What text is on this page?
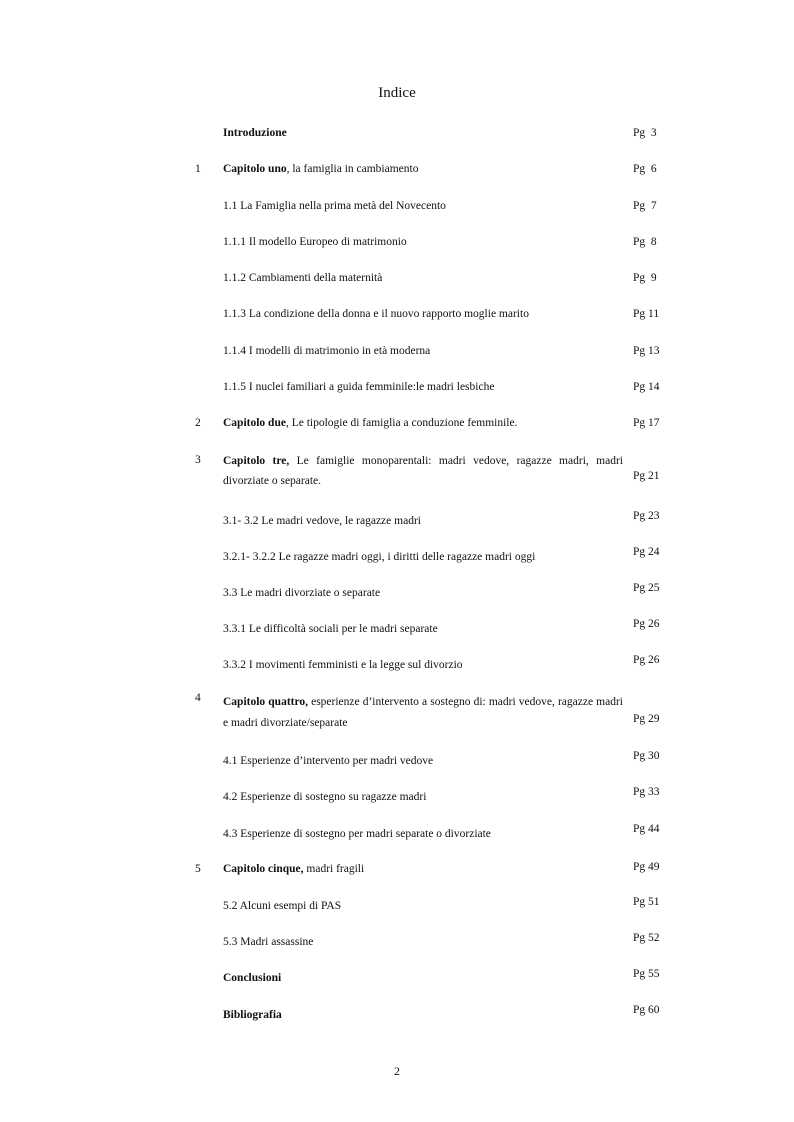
Indice
Introduzione	Pg  3
1 Capitolo uno, la famiglia in cambiamento	Pg  6
1.1 La Famiglia nella prima metà del Novecento	Pg  7
1.1.1 Il modello Europeo di matrimonio	Pg  8
1.1.2 Cambiamenti della maternità	Pg  9
1.1.3 La condizione della donna e il nuovo rapporto moglie marito	Pg 11
1.1.4 I modelli di matrimonio in età moderna	Pg 13
1.1.5 I nuclei familiari a guida femminile:le madri lesbiche	Pg 14
2 Capitolo due, Le tipologie di famiglia a conduzione femminile.	Pg 17
3 Capitolo tre, Le famiglie monoparentali: madri vedove, ragazze madri, madri divorziate o separate.	Pg 21
3.1- 3.2 Le madri vedove, le ragazze madri	Pg 23
3.2.1- 3.2.2 Le ragazze madri oggi, i diritti delle ragazze madri oggi	Pg 24
3.3 Le madri divorziate o separate	Pg 25
3.3.1 Le difficoltà sociali per le madri separate	Pg 26
3.3.2 I movimenti femministi e la legge sul divorzio	Pg 26
4 Capitolo quattro, esperienze d’intervento a sostegno di: madri vedove, ragazze madri e madri divorziate/separate	Pg 29
4.1 Esperienze d’intervento per madri vedove	Pg 30
4.2 Esperienze di sostegno su ragazze madri	Pg 33
4.3 Esperienze di sostegno per madri separate o divorziate	Pg 44
5 Capitolo cinque, madri fragili	Pg 49
5.2 Alcuni esempi di PAS	Pg 51
5.3 Madri assassine	Pg 52
Conclusioni	Pg 55
Bibliografia	Pg 60
2
